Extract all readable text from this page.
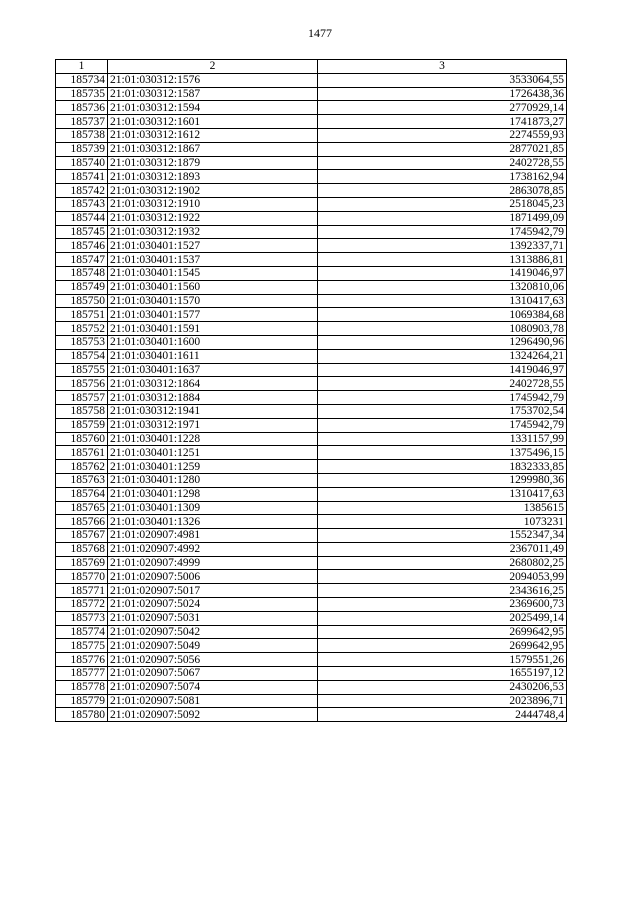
1477
1	2	3
185734	21:01:030312:1576	3533064,55
185735	21:01:030312:1587	1726438,36
185736	21:01:030312:1594	2770929,14
185737	21:01:030312:1601	1741873,27
185738	21:01:030312:1612	2274559,93
185739	21:01:030312:1867	2877021,85
185740	21:01:030312:1879	2402728,55
185741	21:01:030312:1893	1738162,94
185742	21:01:030312:1902	2863078,85
185743	21:01:030312:1910	2518045,23
185744	21:01:030312:1922	1871499,09
185745	21:01:030312:1932	1745942,79
185746	21:01:030401:1527	1392337,71
185747	21:01:030401:1537	1313886,81
185748	21:01:030401:1545	1419046,97
185749	21:01:030401:1560	1320810,06
185750	21:01:030401:1570	1310417,63
185751	21:01:030401:1577	1069384,68
185752	21:01:030401:1591	1080903,78
185753	21:01:030401:1600	1296490,96
185754	21:01:030401:1611	1324264,21
185755	21:01:030401:1637	1419046,97
185756	21:01:030312:1864	2402728,55
185757	21:01:030312:1884	1745942,79
185758	21:01:030312:1941	1753702,54
185759	21:01:030312:1971	1745942,79
185760	21:01:030401:1228	1331157,99
185761	21:01:030401:1251	1375496,15
185762	21:01:030401:1259	1832333,85
185763	21:01:030401:1280	1299980,36
185764	21:01:030401:1298	1310417,63
185765	21:01:030401:1309	1385615
185766	21:01:030401:1326	1073231
185767	21:01:020907:4981	1552347,34
185768	21:01:020907:4992	2367011,49
185769	21:01:020907:4999	2680802,25
185770	21:01:020907:5006	2094053,99
185771	21:01:020907:5017	2343616,25
185772	21:01:020907:5024	2369600,73
185773	21:01:020907:5031	2025499,14
185774	21:01:020907:5042	2699642,95
185775	21:01:020907:5049	2699642,95
185776	21:01:020907:5056	1579551,26
185777	21:01:020907:5067	1655197,12
185778	21:01:020907:5074	2430206,53
185779	21:01:020907:5081	2023896,71
185780	21:01:020907:5092	2444748,4
